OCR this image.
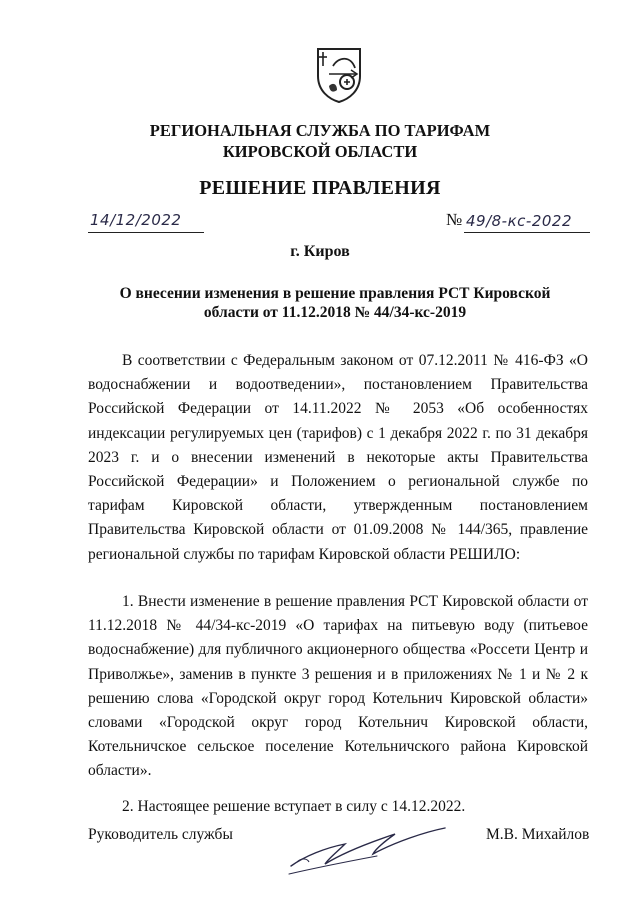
РЕГИОНАЛЬНАЯ СЛУЖБА ПО ТАРИФАМ
КИРОВСКОЙ ОБЛАСТИ
РЕШЕНИЕ ПРАВЛЕНИЯ
14/12/2022	№ 49/8-кс-2022
г. Киров
О внесении изменения в решение правления РСТ Кировской области от 11.12.2018 № 44/34-кс-2019
В соответствии с Федеральным законом от 07.12.2011 № 416-ФЗ «О водоснабжении и водоотведении», постановлением Правительства Российской Федерации от 14.11.2022 № 2053 «Об особенностях индексации регулируемых цен (тарифов) с 1 декабря 2022 г. по 31 декабря 2023 г. и о внесении изменений в некоторые акты Правительства Российской Федерации» и Положением о региональной службе по тарифам Кировской области, утвержденным постановлением Правительства Кировской области от 01.09.2008 № 144/365, правление региональной службы по тарифам Кировской области РЕШИЛО:
1. Внести изменение в решение правления РСТ Кировской области от 11.12.2018 № 44/34-кс-2019 «О тарифах на питьевую воду (питьевое водоснабжение) для публичного акционерного общества «Россети Центр и Приволжье», заменив в пункте 3 решения и в приложениях № 1 и № 2 к решению слова «Городской округ город Котельнич Кировской области» словами «Городской округ город Котельнич Кировской области, Котельничское сельское поселение Котельничского района Кировской области».
2. Настоящее решение вступает в силу с 14.12.2022.
Руководитель службы	М.В. Михайлов
